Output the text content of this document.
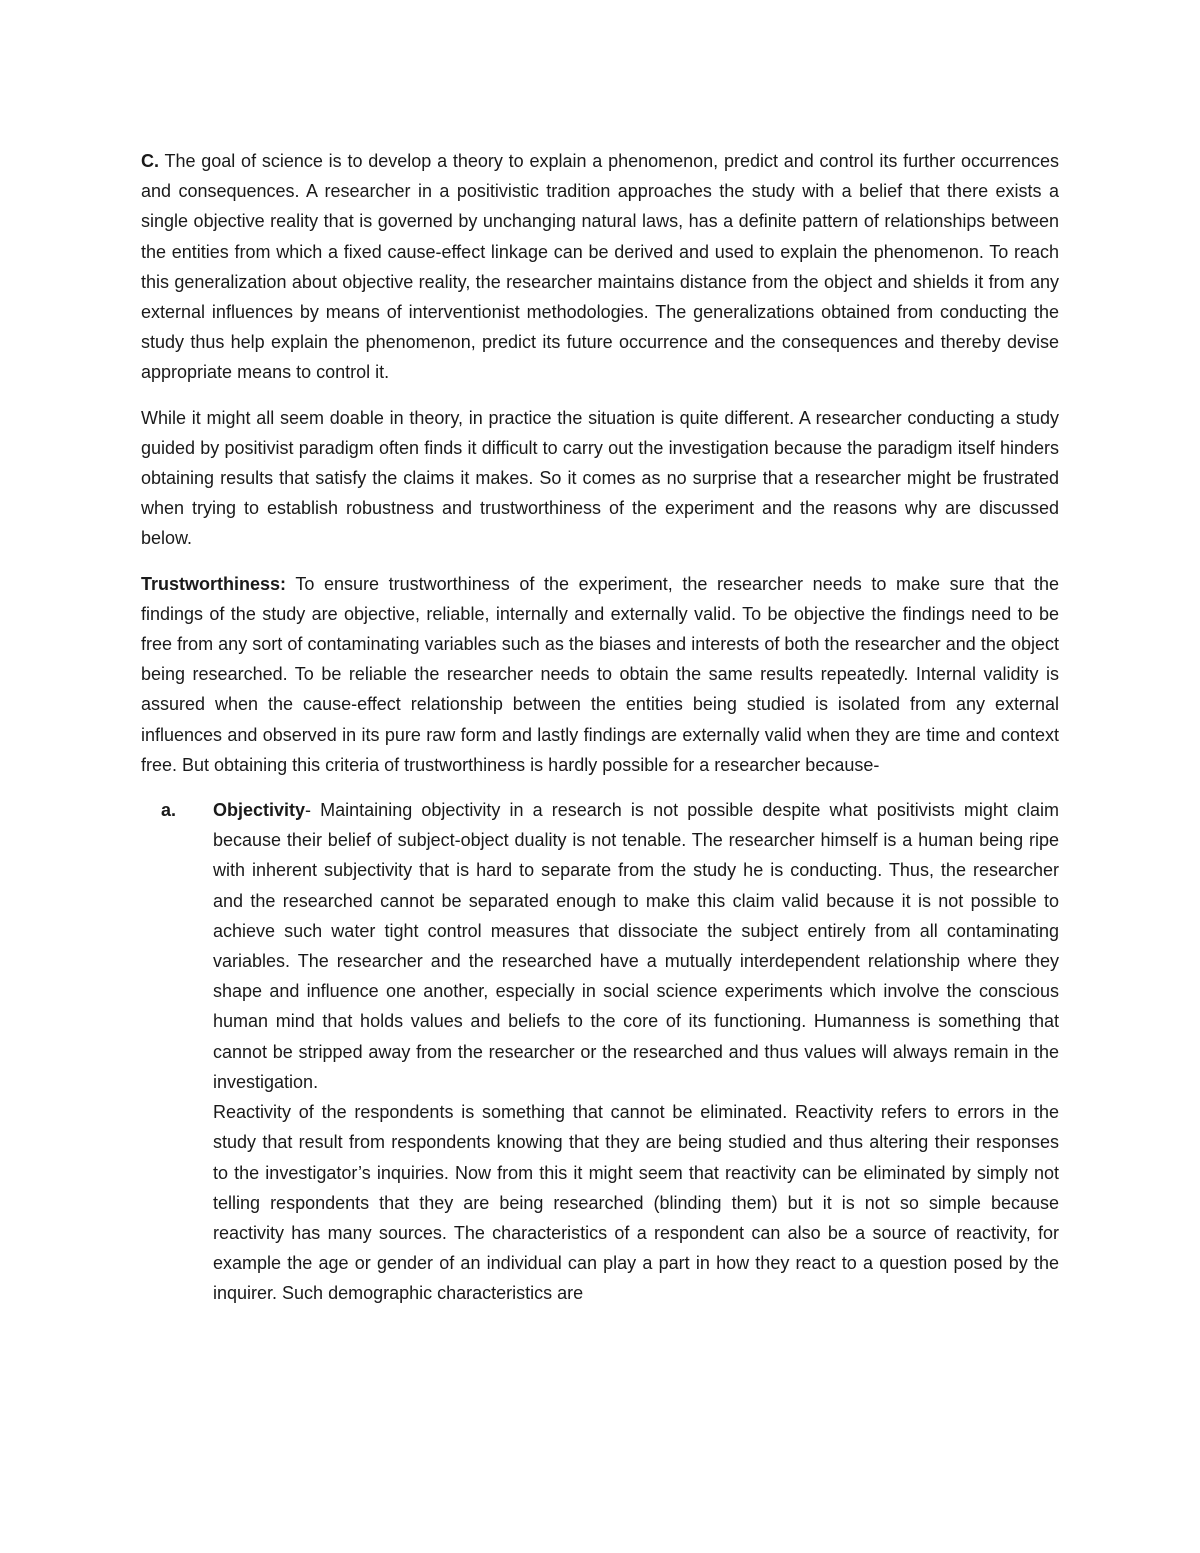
C. The goal of science is to develop a theory to explain a phenomenon, predict and control its further occurrences and consequences. A researcher in a positivistic tradition approaches the study with a belief that there exists a single objective reality that is governed by unchanging natural laws, has a definite pattern of relationships between the entities from which a fixed cause-effect linkage can be derived and used to explain the phenomenon. To reach this generalization about objective reality, the researcher maintains distance from the object and shields it from any external influences by means of interventionist methodologies. The generalizations obtained from conducting the study thus help explain the phenomenon, predict its future occurrence and the consequences and thereby devise appropriate means to control it.

While it might all seem doable in theory, in practice the situation is quite different. A researcher conducting a study guided by positivist paradigm often finds it difficult to carry out the investigation because the paradigm itself hinders obtaining results that satisfy the claims it makes. So it comes as no surprise that a researcher might be frustrated when trying to establish robustness and trustworthiness of the experiment and the reasons why are discussed below.

Trustworthiness: To ensure trustworthiness of the experiment, the researcher needs to make sure that the findings of the study are objective, reliable, internally and externally valid. To be objective the findings need to be free from any sort of contaminating variables such as the biases and interests of both the researcher and the object being researched. To be reliable the researcher needs to obtain the same results repeatedly. Internal validity is assured when the cause-effect relationship between the entities being studied is isolated from any external influences and observed in its pure raw form and lastly findings are externally valid when they are time and context free. But obtaining this criteria of trustworthiness is hardly possible for a researcher because-

a. Objectivity- Maintaining objectivity in a research is not possible despite what positivists might claim because their belief of subject-object duality is not tenable. The researcher himself is a human being ripe with inherent subjectivity that is hard to separate from the study he is conducting. Thus, the researcher and the researched cannot be separated enough to make this claim valid because it is not possible to achieve such water tight control measures that dissociate the subject entirely from all contaminating variables. The researcher and the researched have a mutually interdependent relationship where they shape and influence one another, especially in social science experiments which involve the conscious human mind that holds values and beliefs to the core of its functioning. Humanness is something that cannot be stripped away from the researcher or the researched and thus values will always remain in the investigation.

Reactivity of the respondents is something that cannot be eliminated. Reactivity refers to errors in the study that result from respondents knowing that they are being studied and thus altering their responses to the investigator’s inquiries. Now from this it might seem that reactivity can be eliminated by simply not telling respondents that they are being researched (blinding them) but it is not so simple because reactivity has many sources. The characteristics of a respondent can also be a source of reactivity, for example the age or gender of an individual can play a part in how they react to a question posed by the inquirer. Such demographic characteristics are
